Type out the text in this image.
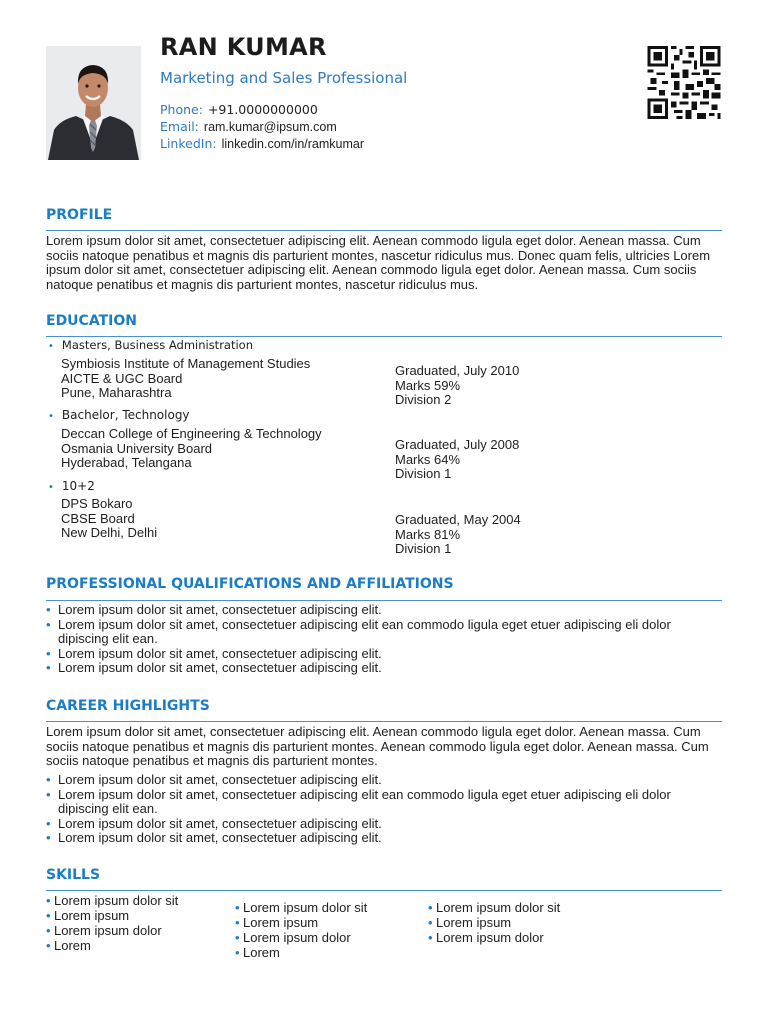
RAN KUMAR
Marketing and Sales Professional
Phone: +91.0000000000
Email: ram.kumar@ipsum.com
LinkedIn: linkedin.com/in/ramkumar
PROFILE

Lorem ipsum dolor sit amet, consectetuer adipiscing elit. Aenean commodo ligula eget dolor. Aenean massa. Cum sociis natoque penatibus et magnis dis parturient montes, nascetur ridiculus mus. Donec quam felis, ultricies Lorem ipsum dolor sit amet, consectetuer adipiscing elit. Aenean commodo ligula eget dolor. Aenean massa. Cum sociis natoque penatibus et magnis dis parturient montes, nascetur ridiculus mus.

EDUCATION
• Masters, Business Administration
Symbiosis Institute of Management Studies
AICTE & UGC Board
Pune, Maharashtra
Graduated, July 2010
Marks 59%
Division 2
• Bachelor, Technology
Deccan College of Engineering & Technology
Osmania University Board
Hyderabad, Telangana
Graduated, July 2008
Marks 64%
Division 1
• 10+2
DPS Bokaro
CBSE Board
New Delhi, Delhi
Graduated, May 2004
Marks 81%
Division 1
PROFESSIONAL QUALIFICATIONS AND AFFILIATIONS
• Lorem ipsum dolor sit amet, consectetuer adipiscing elit.
• Lorem ipsum dolor sit amet, consectetuer adipiscing elit ean commodo ligula eget etuer adipiscing eli dolor dipiscing elit ean.
• Lorem ipsum dolor sit amet, consectetuer adipiscing elit.
• Lorem ipsum dolor sit amet, consectetuer adipiscing elit.
CAREER HIGHLIGHTS

Lorem ipsum dolor sit amet, consectetuer adipiscing elit. Aenean commodo ligula eget dolor. Aenean massa. Cum sociis natoque penatibus et magnis dis parturient montes. Aenean commodo ligula eget dolor. Aenean massa. Cum sociis natoque penatibus et magnis dis parturient montes.

• Lorem ipsum dolor sit amet, consectetuer adipiscing elit.
• Lorem ipsum dolor sit amet, consectetuer adipiscing elit ean commodo ligula eget etuer adipiscing eli dolor dipiscing elit ean.
• Lorem ipsum dolor sit amet, consectetuer adipiscing elit.
• Lorem ipsum dolor sit amet, consectetuer adipiscing elit.
SKILLS
• Lorem ipsum dolor sit
• Lorem ipsum
• Lorem ipsum dolor
• Lorem
• Lorem ipsum dolor sit
• Lorem ipsum
• Lorem ipsum dolor
• Lorem
• Lorem ipsum dolor sit
• Lorem ipsum
• Lorem ipsum dolor
